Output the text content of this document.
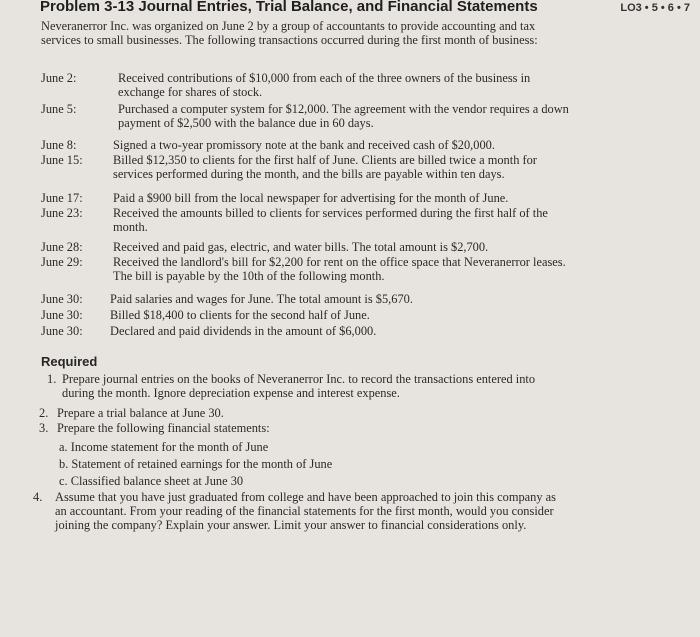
Problem 3-13 Journal Entries, Trial Balance, and Financial Statements	LO3 • 5 • 6 • 7
Neveranerror Inc. was organized on June 2 by a group of accountants to provide accounting and tax services to small businesses. The following transactions occurred during the first month of business:
June 2:	Received contributions of $10,000 from each of the three owners of the business in exchange for shares of stock.
June 5:	Purchased a computer system for $12,000. The agreement with the vendor requires a down payment of $2,500 with the balance due in 60 days.
June 8:	Signed a two-year promissory note at the bank and received cash of $20,000.
June 15:	Billed $12,350 to clients for the first half of June. Clients are billed twice a month for services performed during the month, and the bills are payable within ten days.
June 17:	Paid a $900 bill from the local newspaper for advertising for the month of June.
June 23:	Received the amounts billed to clients for services performed during the first half of the month.
June 28:	Received and paid gas, electric, and water bills. The total amount is $2,700.
June 29:	Received the landlord's bill for $2,200 for rent on the office space that Neveranerror leases. The bill is payable by the 10th of the following month.
June 30:	Paid salaries and wages for June. The total amount is $5,670.
June 30:	Billed $18,400 to clients for the second half of June.
June 30:	Declared and paid dividends in the amount of $6,000.
Required
1. Prepare journal entries on the books of Neveranerror Inc. to record the transactions entered into during the month. Ignore depreciation expense and interest expense.
2. Prepare a trial balance at June 30.
3. Prepare the following financial statements:
a. Income statement for the month of June
b. Statement of retained earnings for the month of June
c. Classified balance sheet at June 30
4. Assume that you have just graduated from college and have been approached to join this company as an accountant. From your reading of the financial statements for the first month, would you consider joining the company? Explain your answer. Limit your answer to financial considerations only.
